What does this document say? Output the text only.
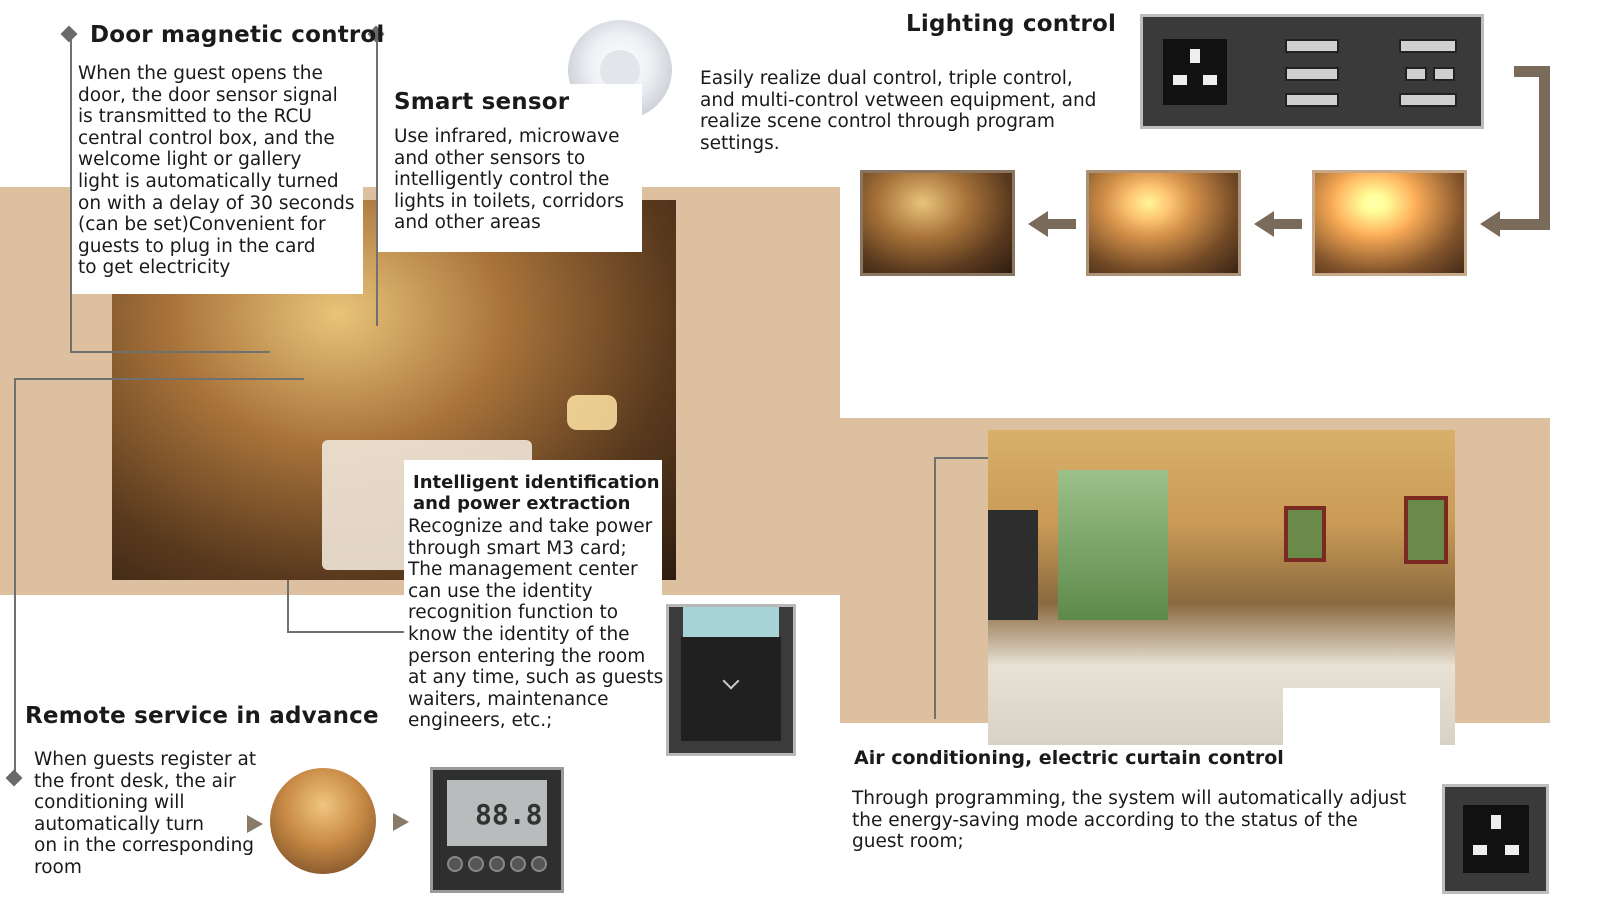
Door magnetic control
When the guest opens the
door, the door sensor signal
is transmitted to the RCU
central control box, and the
welcome light or gallery
light is automatically turned
on with a delay of 30 seconds
(can be set)Convenient for
guests to plug in the card
to get electricity
Smart sensor
Use infrared, microwave
and other sensors to
intelligently control the
lights in toilets, corridors
and other areas
Lighting control
Easily realize dual control, triple control,
and multi-control vetween equipment, and
realize scene control through program
settings.
Intelligent identification
and power extraction
Recognize and take power
through smart M3 card;
The management center
can use the identity
recognition function to
know the identity of the
person entering the room
at any time, such as guests
waiters, maintenance
engineers, etc.;
Remote service in advance
When guests register at
the front desk, the air
conditioning will
automatically turn
on in the corresponding
room
88.8
Air conditioning, electric curtain control
Through programming, the system will automatically adjust
the energy-saving mode according to the status of the
guest room;
